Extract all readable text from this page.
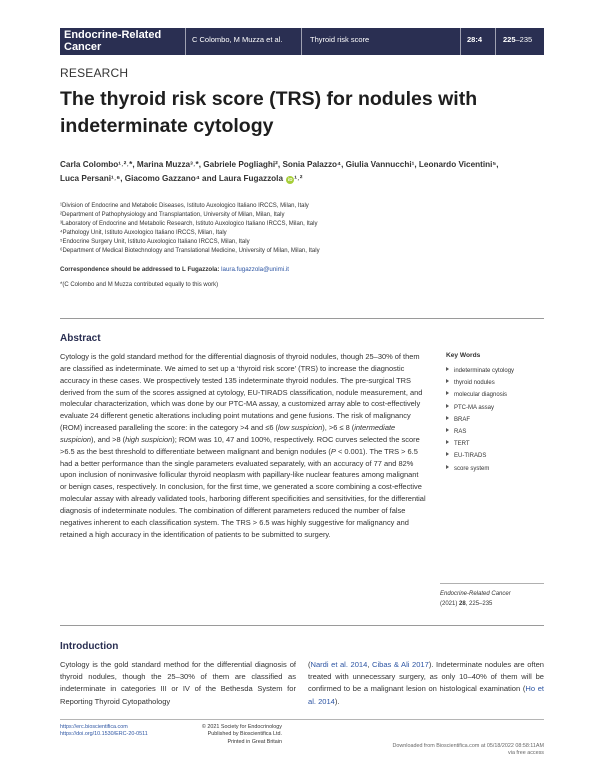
Endocrine-Related
Cancer
C Colombo, M Muzza et al.	Thyroid risk score	28:4	225–235
RESEARCH
The thyroid risk score (TRS) for nodules with indeterminate cytology
Carla Colombo¹˒²˒*, Marina Muzza³˒*, Gabriele Pogliaghi², Sonia Palazzo⁴, Giulia Vannucchi¹, Leonardo Vicentini⁵,
Luca Persani¹˒⁶, Giacomo Gazzano⁴ and Laura Fugazzola iD ¹˒²
¹Division of Endocrine and Metabolic Diseases, Istituto Auxologico Italiano IRCCS, Milan, Italy
²Department of Pathophysiology and Transplantation, University of Milan, Milan, Italy
³Laboratory of Endocrine and Metabolic Research, Istituto Auxologico Italiano IRCCS, Milan, Italy
⁴Pathology Unit, Istituto Auxologico Italiano IRCCS, Milan, Italy
⁵Endocrine Surgery Unit, Istituto Auxologico Italiano IRCCS, Milan, Italy
⁶Department of Medical Biotechnology and Translational Medicine, University of Milan, Milan, Italy
Correspondence should be addressed to L Fugazzola: laura.fugazzola@unimi.it
*(C Colombo and M Muzza contributed equally to this work)
Abstract

Cytology is the gold standard method for the differential diagnosis of thyroid nodules, though 25–30% of them are classified as indeterminate. We aimed to set up a ‘thyroid risk score’ (TRS) to increase the diagnostic accuracy in these cases. We prospectively tested 135 indeterminate thyroid nodules. The pre-surgical TRS derived from the sum of the scores assigned at cytology, EU-TIRADS classification, nodule measurement, and molecular characterization, which was done by our PTC-MA assay, a customized array able to cost-effectively evaluate 24 different genetic alterations including point mutations and gene fusions. The risk of malignancy (ROM) increased paralleling the score: in the category >4 and ≤6 (low suspicion), >6 ≤ 8 (intermediate suspicion), and >8 (high suspicion); ROM was 10, 47 and 100%, respectively. ROC curves selected the score >6.5 as the best threshold to differentiate between malignant and benign nodules (P < 0.001). The TRS > 6.5 had a better performance than the single parameters evaluated separately, with an accuracy of 77 and 82% upon inclusion of noninvasive follicular thyroid neoplasm with papillary-like nuclear features among malignant or benign cases, respectively. In conclusion, for the first time, we generated a score combining a cost-effective molecular assay with already validated tools, harboring different specificities and sensitivities, for the differential diagnosis of indeterminate nodules. The combination of different parameters reduced the number of false negatives inherent to each classification system. The TRS > 6.5 was highly suggestive for malignancy and retained a high accuracy in the identification of patients to be submitted to surgery.

Key Words
indeterminate cytology
thyroid nodules
molecular diagnosis
PTC-MA assay
BRAF
RAS
TERT
EU-TIRADS
score system
Endocrine-Related Cancer
(2021) 28, 225–235
Introduction

Cytology is the gold standard method for the differential diagnosis of thyroid nodules, though the 25–30% of them are classified as indeterminate in categories III or IV of the Bethesda System for Reporting Thyroid Cytopathology

(Nardi et al. 2014, Cibas & Ali 2017). Indeterminate nodules are often treated with unnecessary surgery, as only 10–40% of them will be confirmed to be a malignant lesion on histological examination (Ho et al. 2014).

https://erc.bioscientifica.com
https://doi.org/10.1530/ERC-20-0511
© 2021 Society for Endocrinology
Published by Bioscientifica Ltd.
Printed in Great Britain
Downloaded from Bioscientifica.com at 05/18/2022 08:58:11AM
via free access
